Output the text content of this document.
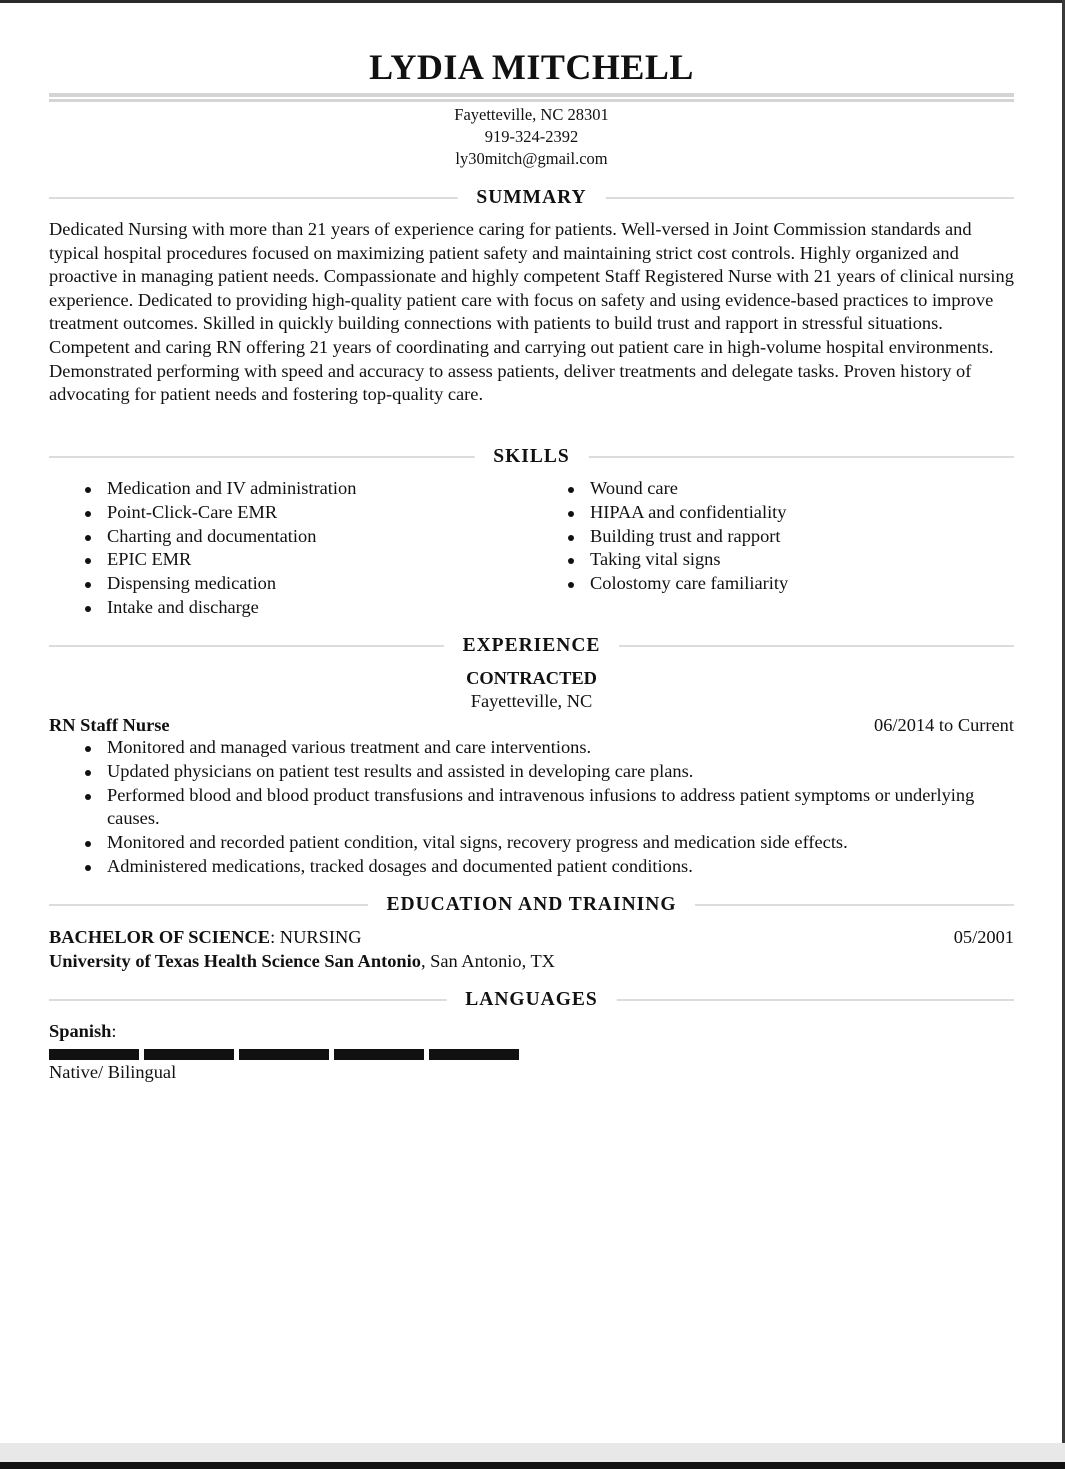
LYDIA MITCHELL
Fayetteville, NC 28301
919-324-2392
ly30mitch@gmail.com
SUMMARY
Dedicated Nursing with more than 21 years of experience caring for patients. Well-versed in Joint Commission standards and typical hospital procedures focused on maximizing patient safety and maintaining strict cost controls. Highly organized and proactive in managing patient needs. Compassionate and highly competent Staff Registered Nurse with 21 years of clinical nursing experience. Dedicated to providing high-quality patient care with focus on safety and using evidence-based practices to improve treatment outcomes. Skilled in quickly building connections with patients to build trust and rapport in stressful situations. Competent and caring RN offering 21 years of coordinating and carrying out patient care in high-volume hospital environments. Demonstrated performing with speed and accuracy to assess patients, deliver treatments and delegate tasks. Proven history of advocating for patient needs and fostering top-quality care.
SKILLS
Medication and IV administration
Point-Click-Care EMR
Charting and documentation
EPIC EMR
Dispensing medication
Intake and discharge
Wound care
HIPAA and confidentiality
Building trust and rapport
Taking vital signs
Colostomy care familiarity
EXPERIENCE
CONTRACTED
Fayetteville, NC
RN Staff Nurse	06/2014 to Current
Monitored and managed various treatment and care interventions.
Updated physicians on patient test results and assisted in developing care plans.
Performed blood and blood product transfusions and intravenous infusions to address patient symptoms or underlying causes.
Monitored and recorded patient condition, vital signs, recovery progress and medication side effects.
Administered medications, tracked dosages and documented patient conditions.
EDUCATION AND TRAINING
BACHELOR OF SCIENCE: NURSING	05/2001
University of Texas Health Science San Antonio, San Antonio, TX
LANGUAGES
Spanish:
Native/ Bilingual
